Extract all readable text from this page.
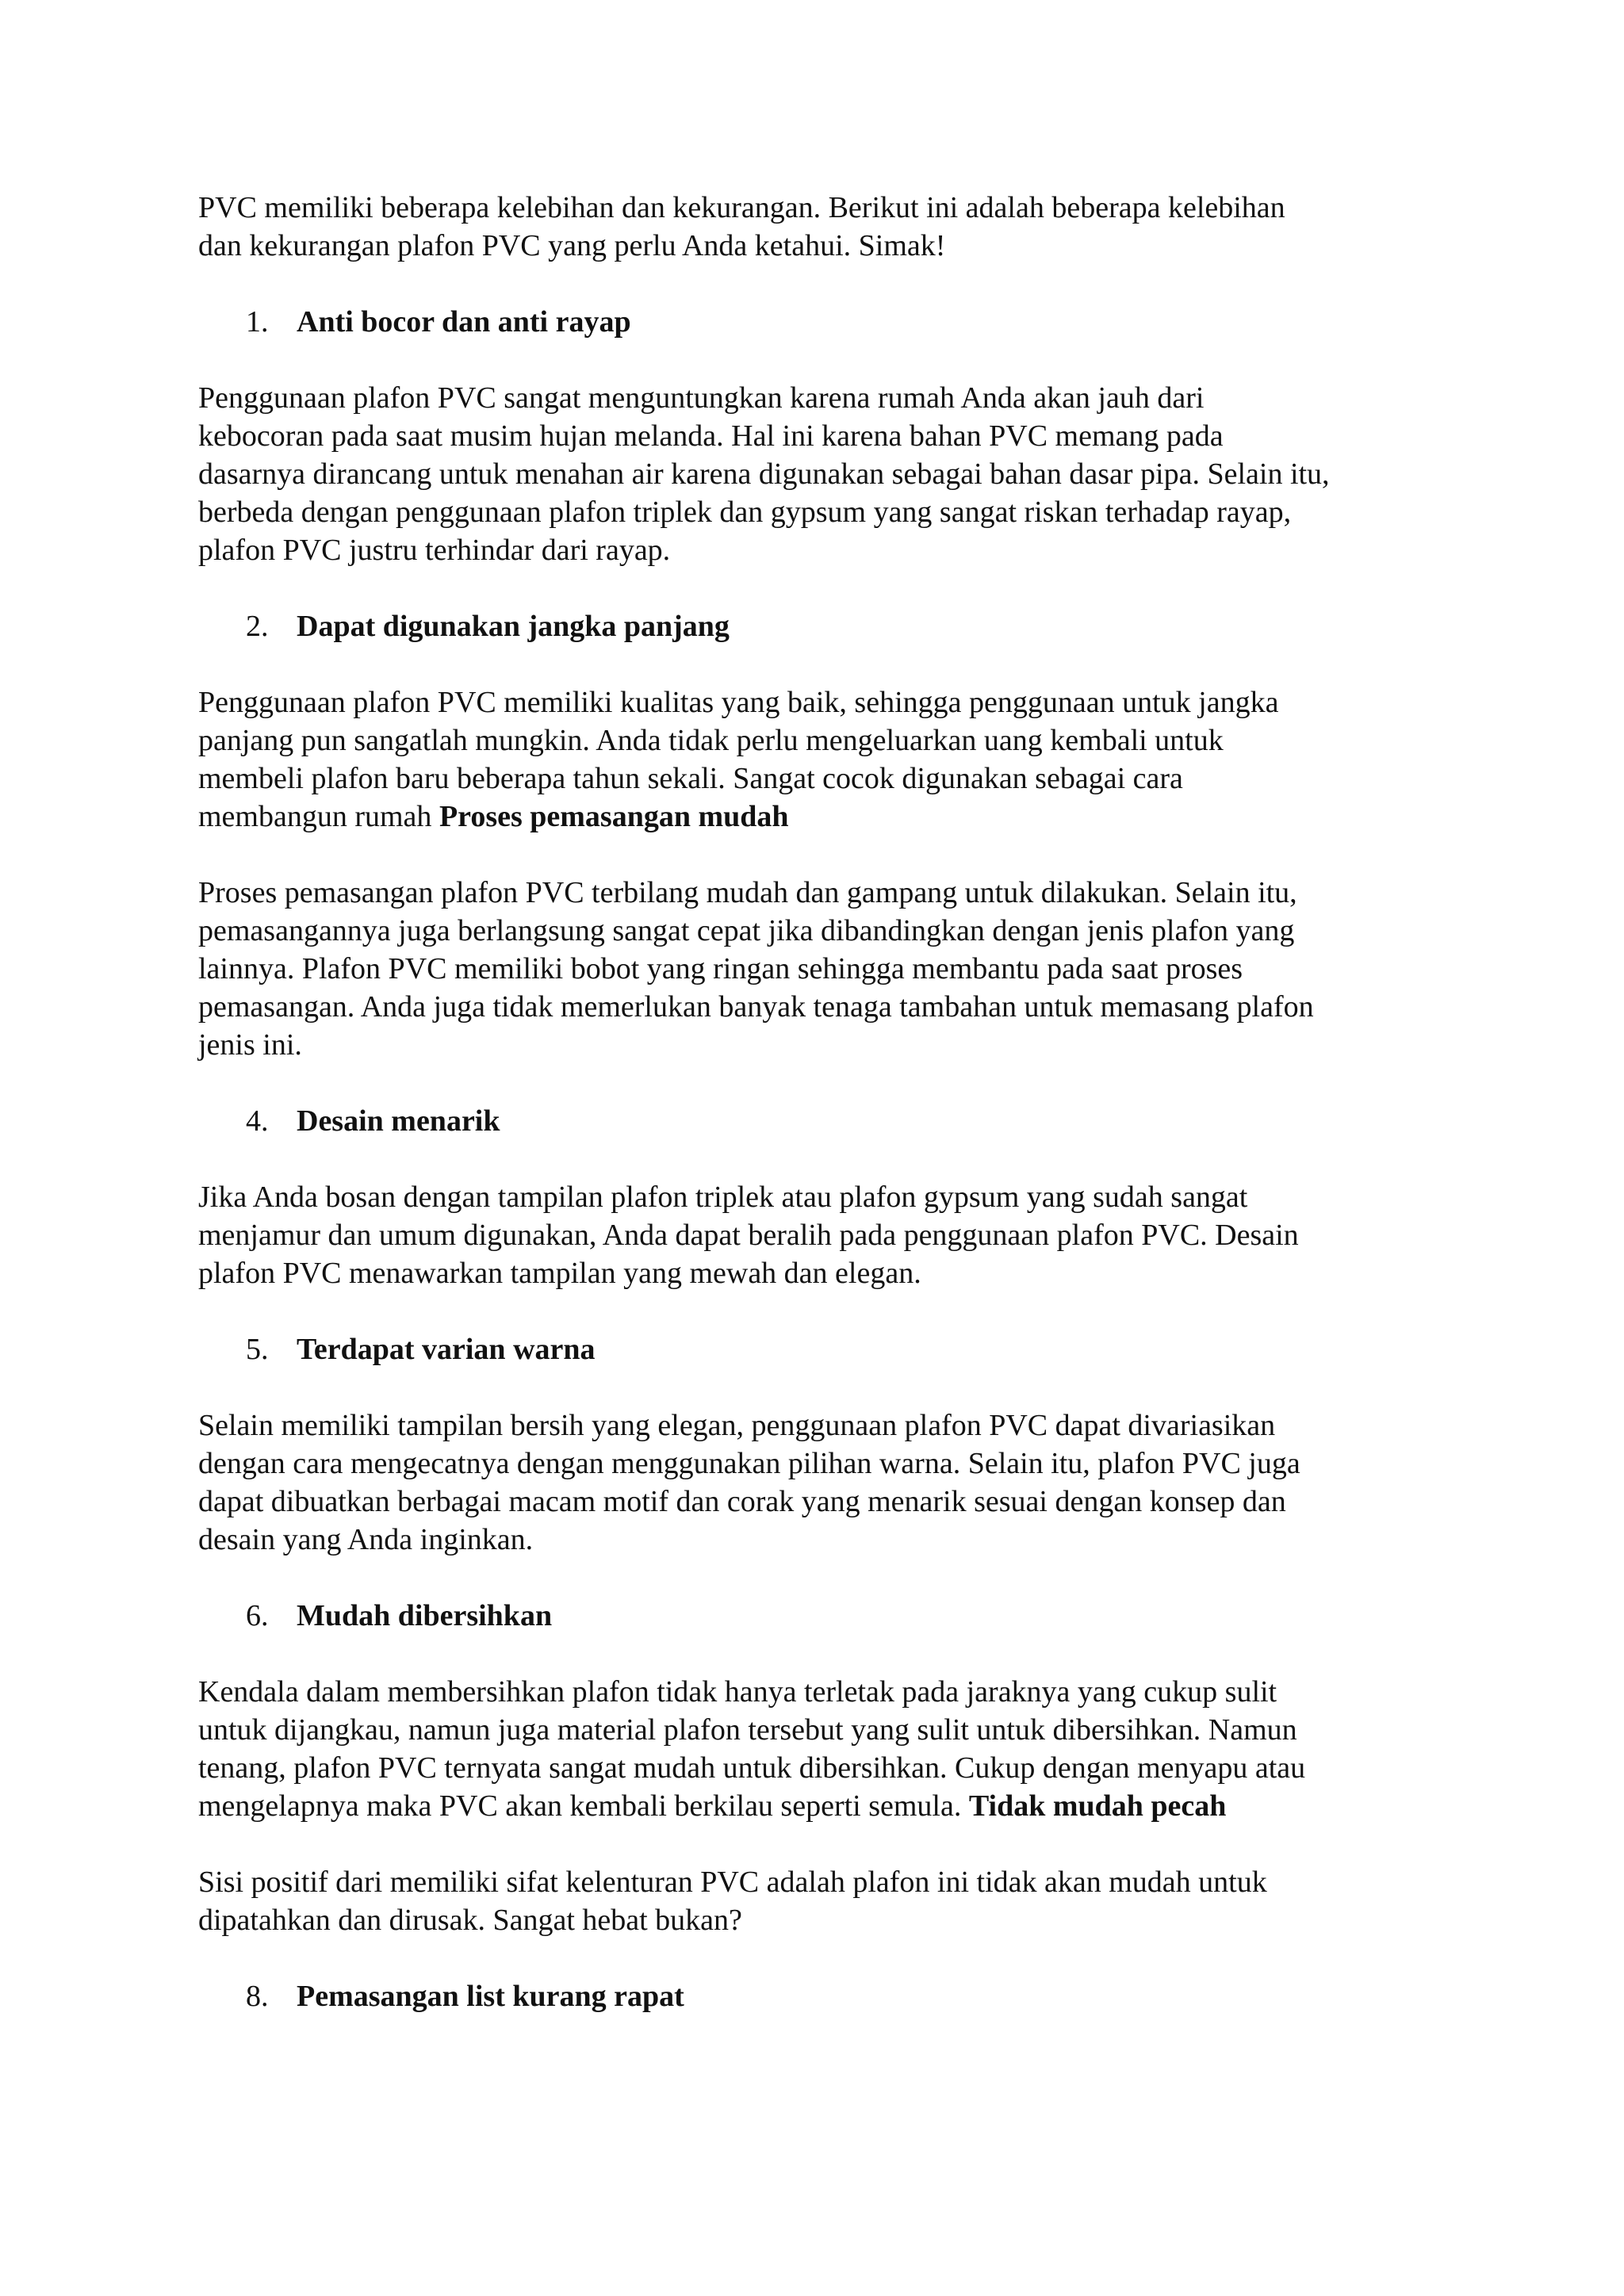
PVC memiliki beberapa kelebihan dan kekurangan. Berikut ini adalah beberapa kelebihan

dan kekurangan plafon PVC yang perlu Anda ketahui. Simak!

1. Anti bocor dan anti rayap

Penggunaan plafon PVC sangat menguntungkan karena rumah Anda akan jauh dari

kebocoran pada saat musim hujan melanda. Hal ini karena bahan PVC memang pada

dasarnya dirancang untuk menahan air karena digunakan sebagai bahan dasar pipa. Selain itu,

berbeda dengan penggunaan plafon triplek dan gypsum yang sangat riskan terhadap rayap,

plafon PVC justru terhindar dari rayap.

2. Dapat digunakan jangka panjang

Penggunaan plafon PVC memiliki kualitas yang baik, sehingga penggunaan untuk jangka

panjang pun sangatlah mungkin. Anda tidak perlu mengeluarkan uang kembali untuk

membeli plafon baru beberapa tahun sekali. Sangat cocok digunakan sebagai cara

membangun rumah Proses pemasangan mudah

Proses pemasangan plafon PVC terbilang mudah dan gampang untuk dilakukan. Selain itu,

pemasangannya juga berlangsung sangat cepat jika dibandingkan dengan jenis plafon yang

lainnya. Plafon PVC memiliki bobot yang ringan sehingga membantu pada saat proses

pemasangan. Anda juga tidak memerlukan banyak tenaga tambahan untuk memasang plafon

jenis ini.

4. Desain menarik

Jika Anda bosan dengan tampilan plafon triplek atau plafon gypsum yang sudah sangat

menjamur dan umum digunakan, Anda dapat beralih pada penggunaan plafon PVC. Desain

plafon PVC menawarkan tampilan yang mewah dan elegan.

5. Terdapat varian warna

Selain memiliki tampilan bersih yang elegan, penggunaan plafon PVC dapat divariasikan

dengan cara mengecatnya dengan menggunakan pilihan warna. Selain itu, plafon PVC juga

dapat dibuatkan berbagai macam motif dan corak yang menarik sesuai dengan konsep dan

desain yang Anda inginkan.

6. Mudah dibersihkan

Kendala dalam membersihkan plafon tidak hanya terletak pada jaraknya yang cukup sulit

untuk dijangkau, namun juga material plafon tersebut yang sulit untuk dibersihkan. Namun

tenang, plafon PVC ternyata sangat mudah untuk dibersihkan. Cukup dengan menyapu atau

mengelapnya maka PVC akan kembali berkilau seperti semula. Tidak mudah pecah

Sisi positif dari memiliki sifat kelenturan PVC adalah plafon ini tidak akan mudah untuk

dipatahkan dan dirusak. Sangat hebat bukan?

8. Pemasangan list kurang rapat
